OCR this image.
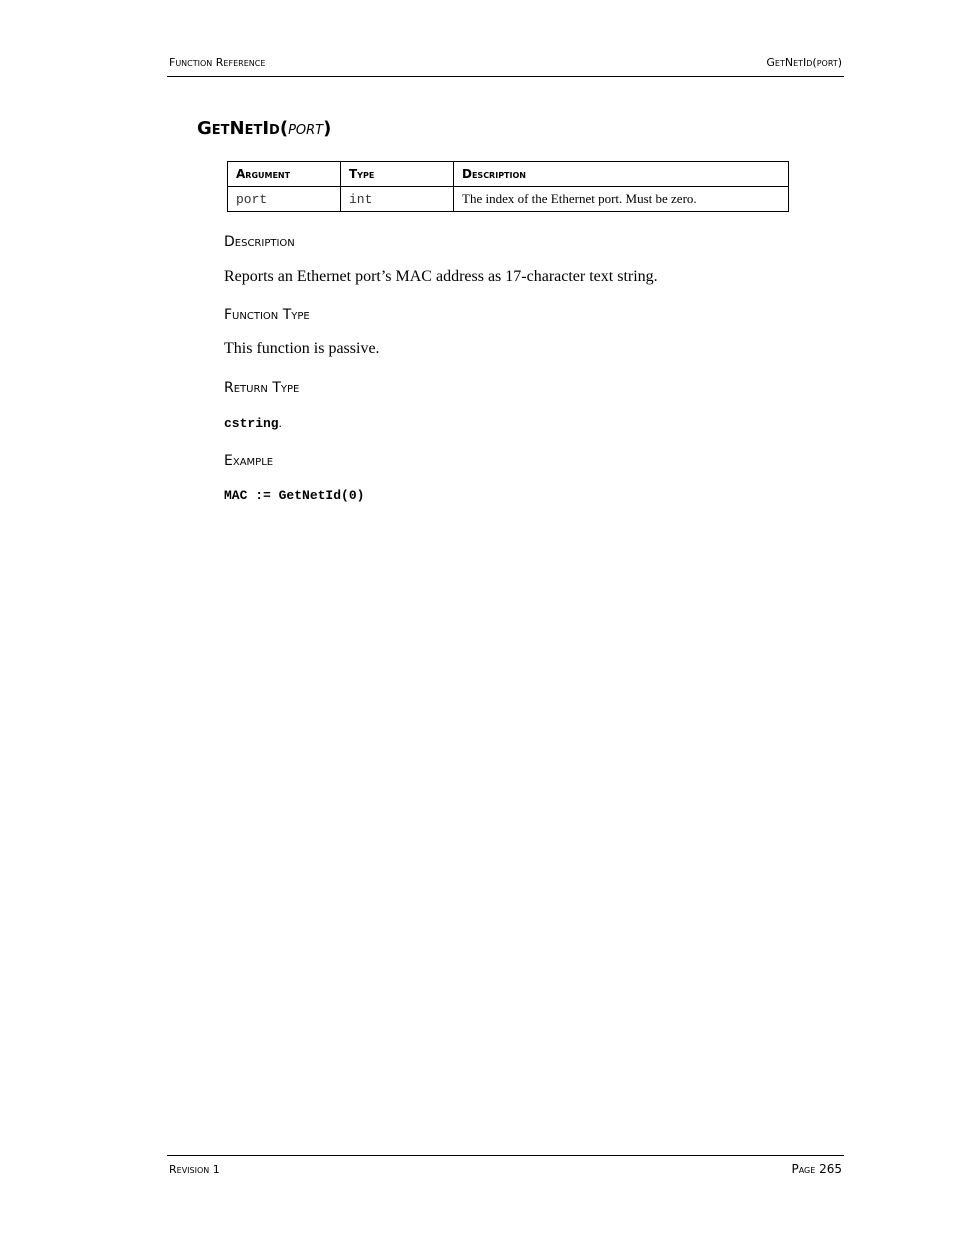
Function Reference	GetNetId(port)
GetNetId(port)
Argument	Type	Description
port	int	The index of the Ethernet port. Must be zero.
Description

Reports an Ethernet port’s MAC address as 17-character text string.

Function Type

This function is passive.

Return Type

cstring.

Example

MAC := GetNetId(0)

Revision 1	Page 265
